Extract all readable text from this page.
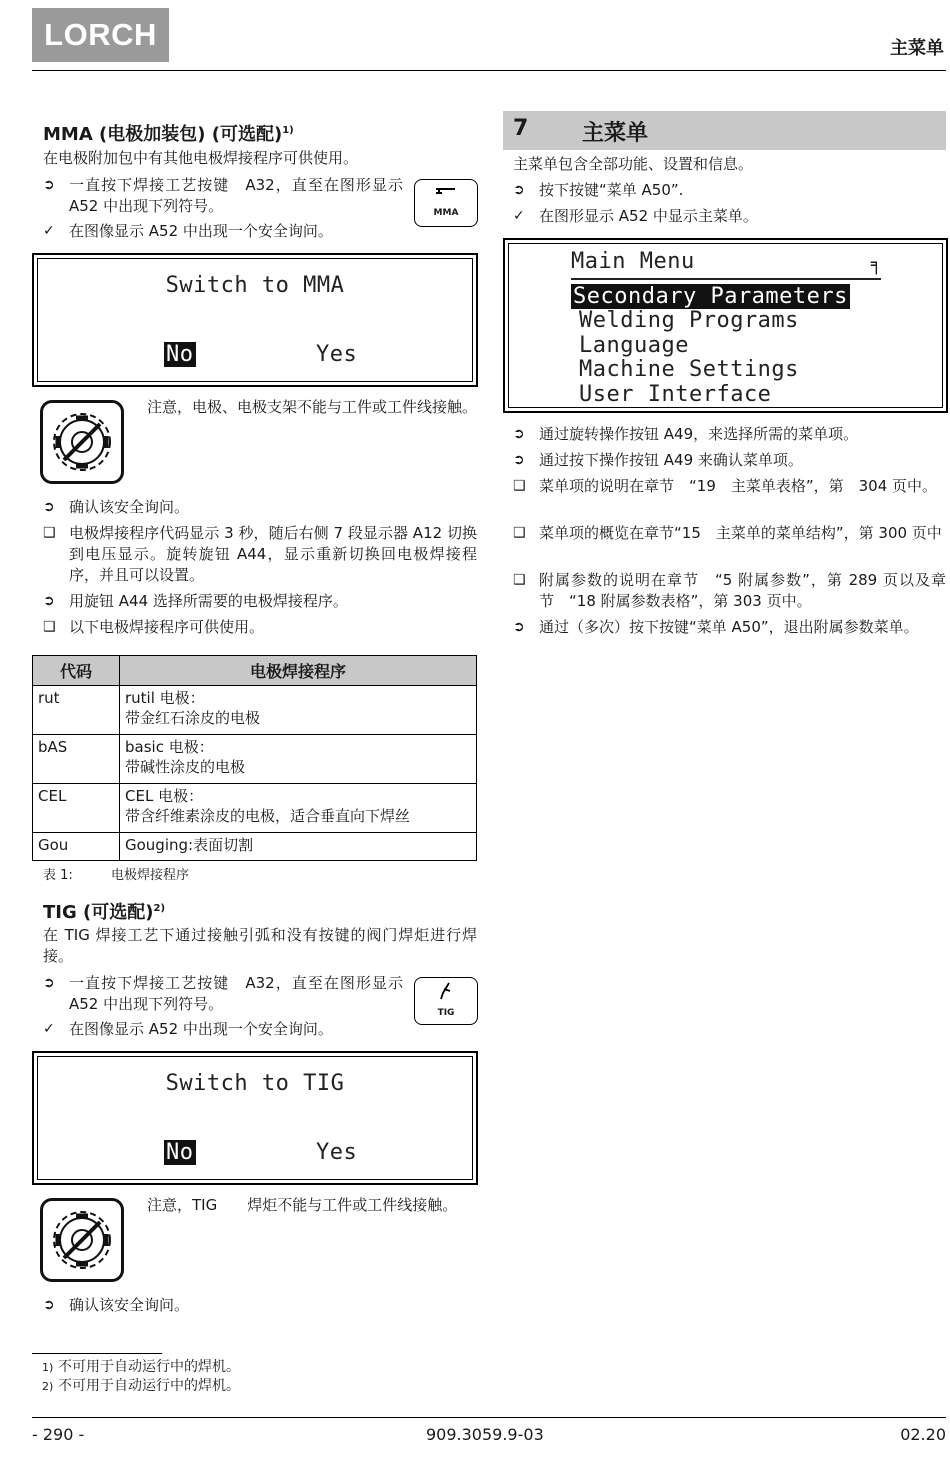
LORCH	主菜单
MMA (电极加装包) (可选配)$^{1)}$
在电极附加包中有其他电极焊接程序可供使用。
➲ 一直按下焊接工艺按键　A32，直至在图形显示 A52 中出现下列符号。	MMA
✓ 在图像显示 A52 中出现一个安全询问。
Switch to MMA
No	Yes
注意，电极、电极支架不能与工件或工件线接触。
➲ 确认该安全询问。
❑ 电极焊接程序代码显示 3 秒，随后右侧 7 段显示器 A12 切换到电压显示。旋转旋钮 A44，显示重新切换回电极焊接程序，并且可以设置。
➲ 用旋钮 A44 选择所需要的电极焊接程序。
❑ 以下电极焊接程序可供使用。
代码	电极焊接程序
rut	rutil 电极：
带金红石涂皮的电极

bAS	basic 电极：
带碱性涂皮的电极

CEL	CEL 电极：
带含纤维素涂皮的电极，适合垂直向下焊丝

Gou	Gouging:表面切割
表 1:	电极焊接程序
TIG (可选配)$^{2)}$
在 TIG 焊接工艺下通过接触引弧和没有按键的阀门焊炬进行焊接。
➲ 一直按下焊接工艺按键　A32，直至在图形显示 A52 中出现下列符号。	TIG
✓ 在图像显示 A52 中出现一个安全询问。
Switch to TIG
No	Yes
注意，TIG　　焊炬不能与工件或工件线接触。
➲ 确认该安全询问。
7 主菜单
主菜单包含全部功能、设置和信息。
➲ 按下按键“菜单 A50”.
✓ 在图形显示 A52 中显示主菜单。
Main Menu	╕
Secondary Parameters
Welding Programs
Language
Machine Settings
User Interface
➲ 通过旋转操作按钮 A49，来选择所需的菜单项。
➲ 通过按下操作按钮 A49 来确认菜单项。
❑ 菜单项的说明在章节　“19　主菜单表格”，第　304 页中。
❑ 菜单项的概览在章节“15　主菜单的菜单结构”，第 300 页中
❑ 附属参数的说明在章节　“5 附属参数”，第 289 页以及章节　“18 附属参数表格”，第 303 页中。
➲ 通过（多次）按下按键“菜单 A50”，退出附属参数菜单。
1) 不可用于自动运行中的焊机。
2) 不可用于自动运行中的焊机。
- 290 -	909.3059.9-03	02.20
